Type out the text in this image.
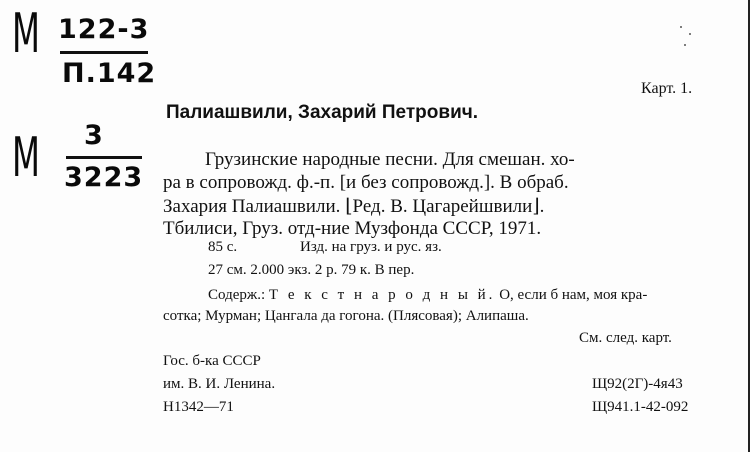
M 122-3
П.142
M 3
3223
Карт. 1.
Палиашвили, Захарий Петрович.
Грузинские народные песни. Для смешан. хо-
ра в сопровожд. ф.-п. [и без сопровожд.]. В обраб.
Захария Палиашвили. ⌊Ред. В. Цагарейшвили⌋.
Тбилиси, Груз. отд-ние Музфонда СССР, 1971.
85 с.	Изд. на груз. и рус. яз.
27 см. 2.000 экз. 2 р. 79 к. В пер.
Содерж.: Т е к с т н а р о д н ы й. О, если б нам, моя кра-
сотка; Мурман; Цангала да гогона. (Плясовая); Алипаша.
См. след. карт.
Гос. б-ка СССР
им. В. И. Ленина.
Н1342—71
Щ92(2Г)-4я43
Щ941.1-42-092
